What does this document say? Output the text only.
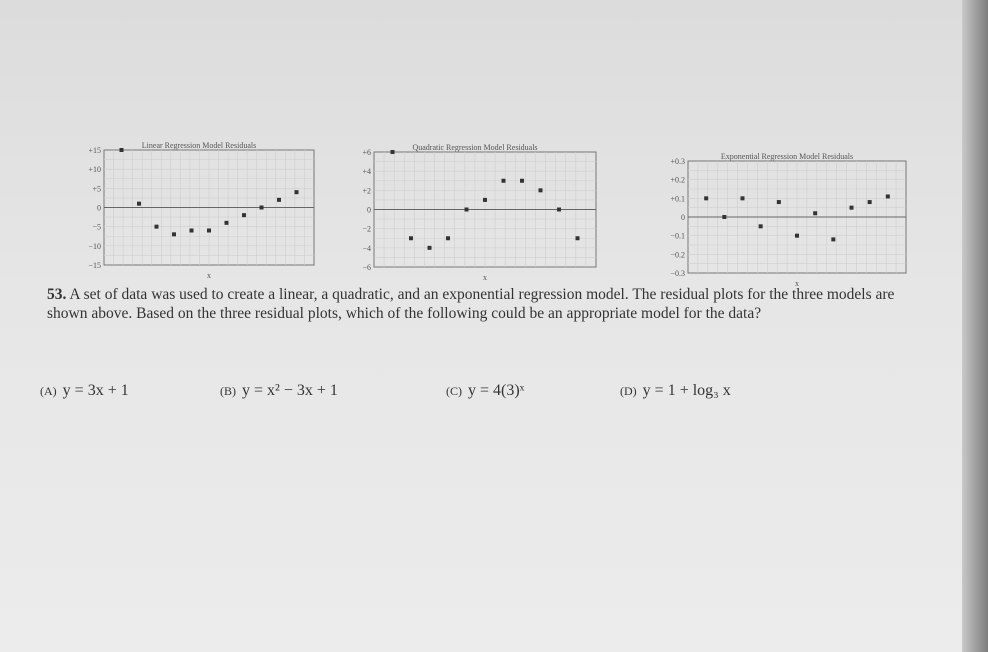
Linear Regression Model Residuals
+15
+10
+5
0
−5
−10
−15
x
Quadratic Regression Model Residuals
+6
+4
+2
0
−2
−4
−6
x
Exponential Regression Model Residuals
+0.3
+0.2
+0.1
0
−0.1
−0.2
−0.3
x
53. A set of data was used to create a linear, a quadratic, and an exponential regression model. The residual plots for the three models are shown above. Based on the three residual plots, which of the following could be an appropriate model for the data?
(A) y = 3x + 1	(B) y = x² − 3x + 1	(C) y = 4(3)ˣ	(D) y = 1 + log₃ x
